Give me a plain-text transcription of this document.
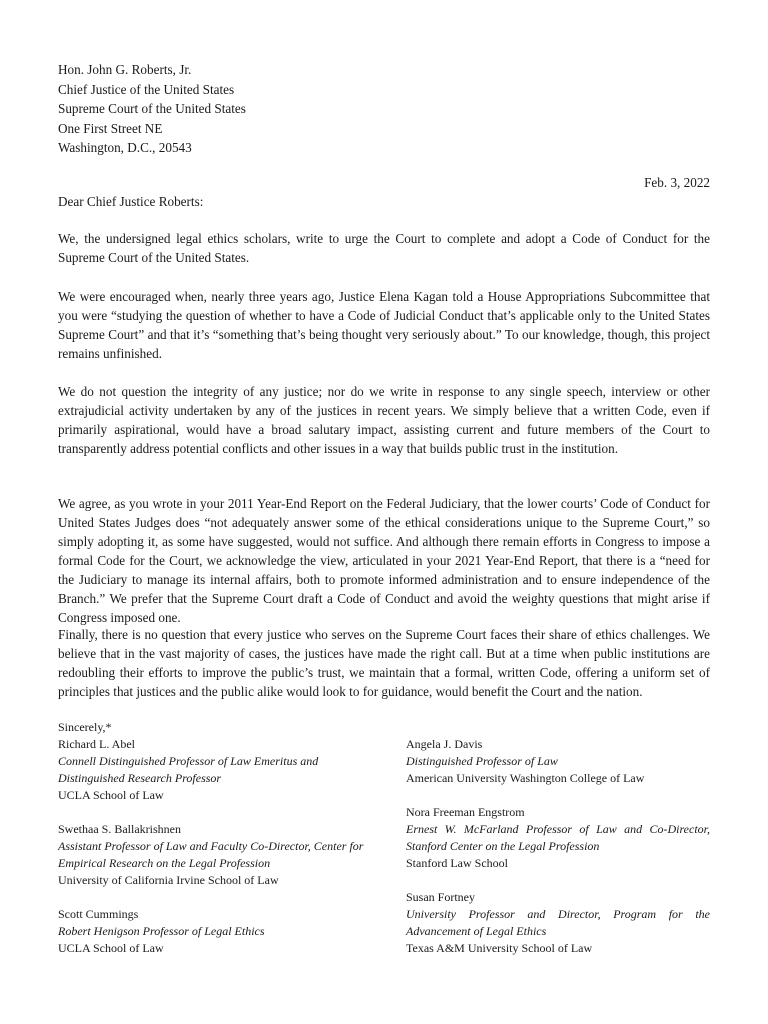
Hon. John G. Roberts, Jr.
Chief Justice of the United States
Supreme Court of the United States
One First Street NE
Washington, D.C., 20543
Feb. 3, 2022
Dear Chief Justice Roberts:
We, the undersigned legal ethics scholars, write to urge the Court to complete and adopt a Code of Conduct for the Supreme Court of the United States.
We were encouraged when, nearly three years ago, Justice Elena Kagan told a House Appropriations Subcommittee that you were “studying the question of whether to have a Code of Judicial Conduct that’s applicable only to the United States Supreme Court” and that it’s “something that’s being thought very seriously about.” To our knowledge, though, this project remains unfinished.
We do not question the integrity of any justice; nor do we write in response to any single speech, interview or other extrajudicial activity undertaken by any of the justices in recent years. We simply believe that a written Code, even if primarily aspirational, would have a broad salutary impact, assisting current and future members of the Court to transparently address potential conflicts and other issues in a way that builds public trust in the institution.
We agree, as you wrote in your 2011 Year-End Report on the Federal Judiciary, that the lower courts’ Code of Conduct for United States Judges does “not adequately answer some of the ethical considerations unique to the Supreme Court,” so simply adopting it, as some have suggested, would not suffice. And although there remain efforts in Congress to impose a formal Code for the Court, we acknowledge the view, articulated in your 2021 Year-End Report, that there is a “need for the Judiciary to manage its internal affairs, both to promote informed administration and to ensure independence of the Branch.” We prefer that the Supreme Court draft a Code of Conduct and avoid the weighty questions that might arise if Congress imposed one.
Finally, there is no question that every justice who serves on the Supreme Court faces their share of ethics challenges. We believe that in the vast majority of cases, the justices have made the right call. But at a time when public institutions are redoubling their efforts to improve the public’s trust, we maintain that a formal, written Code, offering a uniform set of principles that justices and the public alike would look to for guidance, would benefit the Court and the nation.
Sincerely,*
Richard L. Abel
Connell Distinguished Professor of Law Emeritus and Distinguished Research Professor
UCLA School of Law
Swethaa S. Ballakrishnen
Assistant Professor of Law and Faculty Co-Director, Center for Empirical Research on the Legal Profession
University of California Irvine School of Law
Scott Cummings
Robert Henigson Professor of Legal Ethics
UCLA School of Law
Angela J. Davis
Distinguished Professor of Law
American University Washington College of Law
Nora Freeman Engstrom
Ernest W. McFarland Professor of Law and Co-Director, Stanford Center on the Legal Profession
Stanford Law School
Susan Fortney
University Professor and Director, Program for the Advancement of Legal Ethics
Texas A&M University School of Law
